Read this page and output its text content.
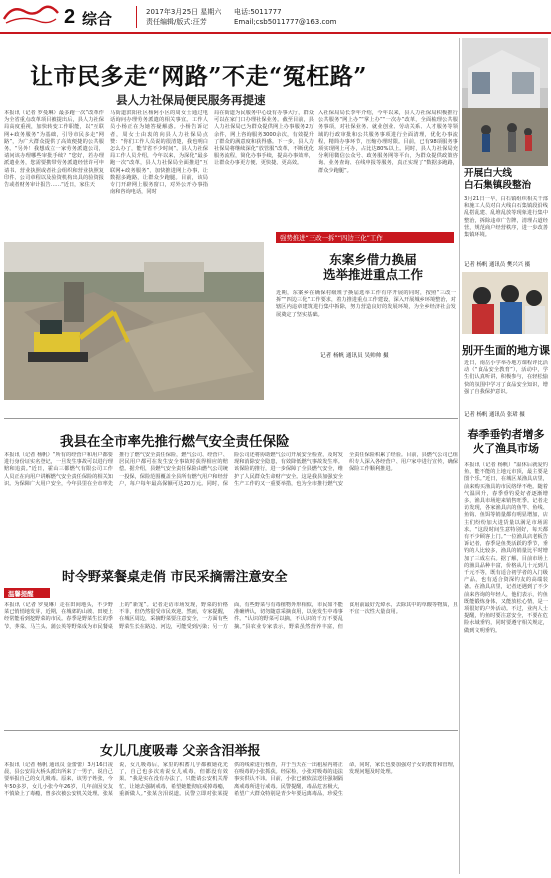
2 综合	2017年3月25日 星期六
责任编辑/版式:汪芳
电话:5011777
Email;csb5011777@163.com
让市民多走“网路”不走“冤枉路”
县人力社保局便民服务再提速
本报讯（记者 罗曼琳）最多跑一次”改革作为全省重点改革项目被提出后，县人力社保局高度重视，加快转变工作职能，以“互联网+政务服务”为基础，引导市民多走“网路”，为广大群众提供了高效便捷的公共服务。“另外！我想成立一家劳务派遣公司，请问该办理哪些审批手续？”您好，若办理派遣业务，您需要携带劳务派遣经营许可申请书、营业执照或者社会组织和营业执照复印件、公司章程以及验资机构出具的验资报告或者财务审计报告……“近日，家住天
马街道滨阳社区杨阿小区的周女士通过电话询问办理劳务派遣的相关事宜。工作人员小杨正在为她答疑解惑。小杨告诉记者，周女士由衷的向县人力社保局点赞：“你们工作人员说的很清楚，我也明白怎么办了，能节省不少时间”。县人力社保局工作人员介绍，今年以来，为深化“最多跑一次”改革，县人力社保局全面推进“互联网+政务服务”，加快推进网上办事，让数据多跑路，让群众少跑腿。目前，该局专门开辟网上服务窗口，对外公开办事指南和咨询电话，同时
局在街道为民服务中心设有办事大厅，群众可以在家门口办理社保业务。截至目前，县人力社保局已为群众提供网上办事服务2万余件，网上咨询服务3000余次，有效提升了群众的满意度和获得感。下一步，县人力社保局将继续深化“放管服”改革，不断优化服务流程，简化办事手续，提高办事效率，让群众办事更方便、更快捷、更高效。
强势推进“三改一拆”“四边三化”工作
东案乡借力换届
选举推进重点工作
近期，东案乡在确保村级班子换届选举工作有序开展的同时，按照“三改一拆”“四边三化”工作要求，着力推进重点工作建设，深入开展城乡环境整治，对辖区内违章建筑进行集中拆除，努力营造良好的发展环境，为全乡经济社会发展奠定了坚实基础。
记者 杨帆 通讯员 吴帅帅 摄
入社保局局长李年介绍，今年以来，县人力社保局积极推行公共服务“网上办”“掌上办”“一次办”改革，全面梳理公共服务事项，对社保业务、就业创业、劳动关系、人才服务等领域的行政审批和公共服务事项进行全面清理，优化办事流程，精简办事环节，压缩办理时限。目前，已有98项服务事项实现网上可办，占比达80%以上。同时，县人力社保局充分利用微信公众号、政务服务网等平台，为群众提供政策咨询、业务查询、在线申报等服务，真正实现了“数据多跑路，群众少跑腿”。	开展白大线
白石集镇段整治
3月21日一早，白石镇组织相关干部和施工人员对白大线白石集镇段沿线乱搭乱建、乱堆乱放等现象进行集中整治，拆除违章广告牌，清理占道经营，规范商户经营秩序，进一步改善集镇环境。
记者 杨帆 通讯员 樊兴兴 摄
别开生面的地方课
近日，南岳小学举办地方课程评比活动（“食品安全教育”），活动中，学生们认真听讲，积极参与，在轻松愉快的氛围中学习了食品安全知识，增强了自我保护意识。
记者 杨帆 通讯员 张珺 摄
我县在全市率先推行燃气安全责任保险
本报讯（记者 杨帆）“所有的经营户和用户都要进行身份证实名登记，一旦发生事故可以进行理赔和追责。”近日，霍山三都燃气有限公司工作人员正在向用户讲解燃气安全责任保险的相关知识。为保障广大用户安全，今年县里在全市率先推行了燃气安全责任保险，燃气公司、经营户、居民用户都可在发生安全事故时获得相应的赔偿。据介绍，县燃气安全责任保险由燃气公司统一投保，保险范围覆盖全县所有燃气用户和经营户，每户每年最高保额可达20万元。同时，保险公司还将协助燃气公司开展安全检查，及时发现和消除安全隐患，有效降低燃气事故发生率。该保险的推行，进一步保障了全县燃气安全，维护了人民群众生命财产安全。这是我县加强安全生产工作的又一重要举措，也为全市推行燃气安全责任保险积累了经验。目前，县燃气公司已组织专人深入各经营户、用户家中进行宣传，确保保险工作顺利推进。
时令野菜餐桌走俏 市民采摘需注意安全
温馨提醒
本报讯（记者 罗曼琳）走在田间地头，不少野菜已悄悄地发芽，近期，在城郊的山坡、田埂上经常能看到挖野菜的市民。春季是野菜生长的季节，荠菜、马兰头、蒲公英等野菜成为市民餐桌上的“新宠”。记者走访市场发现，野菜的价格不菲，但仍然很受市民欢迎。然而，专家提醒，在城区周边，采摘野菜要注意安全，一方面有些野菜生长在路边、河边，可能受到污染；另一方面，有些野菜与有毒植物外形相似，市民如不能准确辨认，切勿随意采摘食用，以免发生中毒事件。“认识的野菜可以摘，不认识的千万不要乱摘。”县农业专家表示，野菜虽然营养丰富，但食用前最好先焯水，去除其中的草酸等物质，且不宜一次性大量食用。
春季垂钓者增多
火了渔具市场
本报讯（记者 杨帆）“温休后就爱钓鱼，能不能的上地元市顶，最主要是图个乐。”近日，在城区某渔具店里，前来购买渔具的市民络绎不绝。随着气温回升，春季垂钓爱好者逐渐增多，渔具市场迎来销售旺季。记者走访发现，各家渔具店的鱼竿、鱼线、鱼钩、鱼饵等销量都有明显增加，店主们纷纷加大进货量以满足市场需求。“这段时间生意特别好，每天都有不少顾客上门。”一位渔具店老板告诉记者，春季是鱼类活跃的季节，垂钓的人比较多，渔具的销量比平时增加了三成左右。据了解，目前市场上的渔具品种丰富，价格从几十元到几千元不等，既有适合初学者的入门级产品，也有适合资深钓友的高端装备。在渔具店里，记者还遇到了不少前来咨询的年轻人，他们表示，钓鱼既能锻炼身体，又能放松心情，是一项很好的户外活动。不过，业内人士提醒，钓鱼时要注意安全，不要在危险水域垂钓，同时要遵守相关规定，做到文明垂钓。
女儿几度吸毒 父亲含泪举报
本报讯（记者 杨帆 通讯员 金蕾蕾）3月16日凌晨，县公安局大桥头派出所来了一男子，说自己要举报自己的女儿吸毒。原来，该男子姓张，今年50多岁，女儿小张今年26岁，几年前因交友不慎染上了毒瘾，曾多次被公安机关处理。张某说，女儿吸毒后，家里的积蓄几乎都被她花光了，自己也多次劝说女儿戒毒，但都没有效果。“我是实在没有办法了，只能请公安机关帮忙，让她去强制戒毒，希望她能彻底戒掉毒瘾，重新做人。”张某含泪说道。民警立即对张某提供的线索进行核查，并于当天在一出租屋内将正在吸毒的小张抓获。经尿检，小张对吸毒的违法事实供认不讳。目前，小张已被依法送往强制隔离戒毒所进行戒毒。民警提醒，毒品危害极大，希望广大群众特别是青少年要远离毒品，珍爱生命，同时，家长也要加强对子女的教育和管理，发现问题及时处理。
